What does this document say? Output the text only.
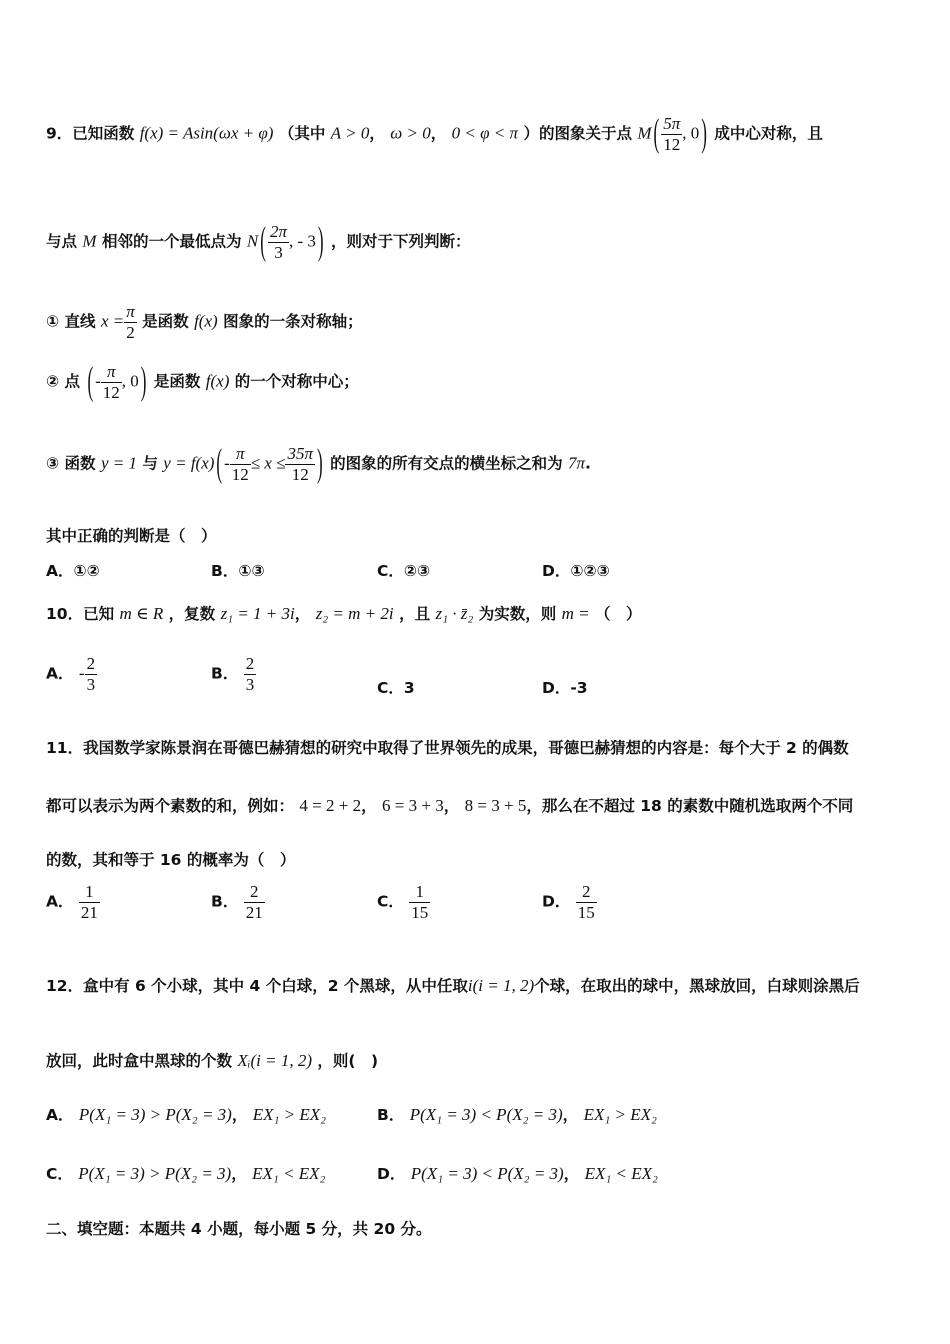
9．已知函数 f(x) = Asin(ωx + φ) （其中 A > 0， ω > 0， 0 < φ < π ）的图象关于点 M ( $\frac{5\pi}{12}$ , 0 ) 成中心对称，且
与点 M 相邻的一个最低点为 N ( $\frac{2\pi}{3}$ , - 3 ) ，则对于下列判断：
① 直线 $x = \frac{\pi}{2}$ 是函数 f(x) 图象的一条对称轴；
② 点 ( - $\frac{\pi}{12}$ , 0 ) 是函数 f(x) 的一个对称中心；
③ 函数 y = 1 与 y = f(x) ( - $\frac{\pi}{12} \le x \le \frac{35\pi}{12}$ ) 的图象的所有交点的横坐标之和为 7π.
其中正确的判断是（　）
A．①②	B．①③	C．②③	D．①②③
10．已知 m ∈ R ，复数 z₁ = 1 + 3i， z₂ = m + 2i ，且 z₁ · z̄₂ 为实数，则 m = （　）
A． - $\frac{2}{3}$	B． $\frac{2}{3}$	C．3	D．-3
11．我国数学家陈景润在哥德巴赫猜想的研究中取得了世界领先的成果，哥德巴赫猜想的内容是：每个大于 2 的偶数
都可以表示为两个素数的和，例如： 4 = 2 + 2， 6 = 3 + 3， 8 = 3 + 5，那么在不超过 18 的素数中随机选取两个不同
的数，其和等于 16 的概率为（　）
A． $\frac{1}{21}$	B． $\frac{2}{21}$	C． $\frac{1}{15}$	D． $\frac{2}{15}$
12．盒中有 6 个小球，其中 4 个白球，2 个黑球，从中任取i(i = 1, 2)个球，在取出的球中，黑球放回，白球则涂黑后
放回，此时盒中黑球的个数 Xᵢ(i = 1, 2) ，则(　)
A． P(X₁ = 3) > P(X₂ = 3)， EX₁ > EX₂	B． P(X₁ = 3) < P(X₂ = 3)， EX₁ > EX₂
C． P(X₁ = 3) > P(X₂ = 3)， EX₁ < EX₂	D． P(X₁ = 3) < P(X₂ = 3)， EX₁ < EX₂
二、填空题：本题共 4 小题，每小题 5 分，共 20 分。
